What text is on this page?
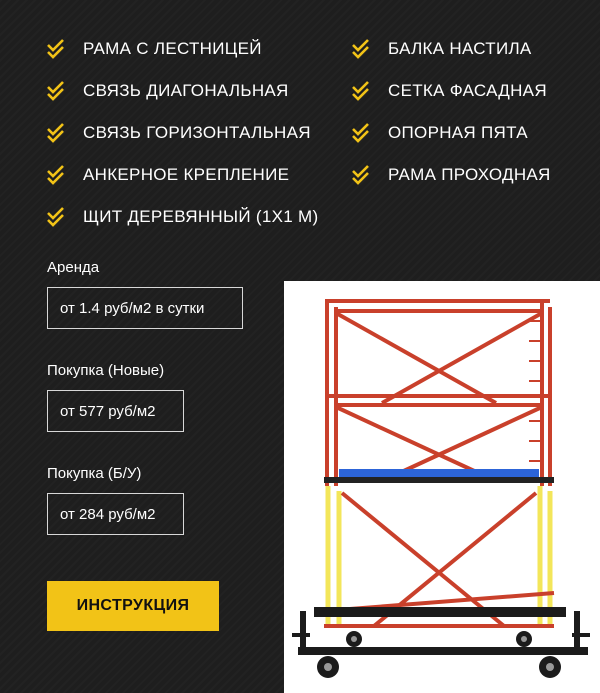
РАМА С ЛЕСТНИЦЕЙ
СВЯЗЬ ДИАГОНАЛЬНАЯ
СВЯЗЬ ГОРИЗОНТАЛЬНАЯ
АНКЕРНОЕ КРЕПЛЕНИЕ
ЩИТ ДЕРЕВЯННЫЙ (1Х1 М)
БАЛКА НАСТИЛА
СЕТКА ФАСАДНАЯ
ОПОРНАЯ ПЯТА
РАМА ПРОХОДНАЯ
Аренда
от 1.4 руб/м2 в сутки
Покупка (Новые)
от 577 руб/м2
Покупка (Б/У)
от 284 руб/м2
ИНСТРУКЦИЯ
